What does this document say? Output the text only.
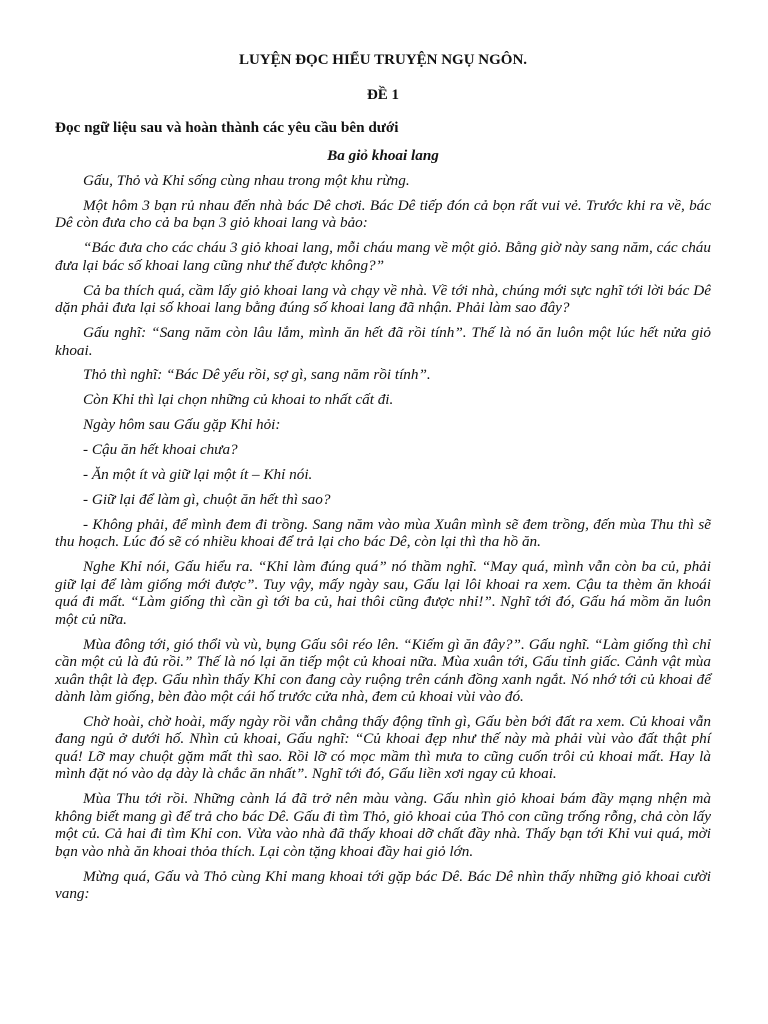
LUYỆN ĐỌC HIỂU TRUYỆN NGỤ NGÔN.
ĐỀ 1
Đọc ngữ liệu sau và hoàn thành các yêu cầu bên dưới
Ba giỏ khoai lang

Gấu, Thỏ và Khỉ sống cùng nhau trong một khu rừng.

Một hôm 3 bạn rủ nhau đến nhà bác Dê chơi. Bác Dê tiếp đón cả bọn rất vui vẻ. Trước khi ra về, bác Dê còn đưa cho cả ba bạn 3 giỏ khoai lang và bảo:

“Bác đưa cho các cháu 3 giỏ khoai lang, mỗi cháu mang về một giỏ. Bằng giờ này sang năm, các cháu đưa lại bác số khoai lang cũng như thế được không?”

Cả ba thích quá, cầm lấy giỏ khoai lang và chạy về nhà. Về tới nhà, chúng mới sực nghĩ tới lời bác Dê dặn phải đưa lại số khoai lang bằng đúng số khoai lang đã nhận. Phải làm sao đây?

Gấu nghĩ: “Sang năm còn lâu lắm, mình ăn hết đã rồi tính”. Thế là nó ăn luôn một lúc hết nửa giỏ khoai.

Thỏ thì nghĩ: “Bác Dê yếu rồi, sợ gì, sang năm rồi tính”.

Còn Khỉ thì lại chọn những củ khoai to nhất cất đi.

Ngày hôm sau Gấu gặp Khỉ hỏi:

- Cậu ăn hết khoai chưa?

- Ăn một ít và giữ lại một ít – Khỉ nói.

- Giữ lại để làm gì, chuột ăn hết thì sao?

- Không phải, để mình đem đi trồng. Sang năm vào mùa Xuân mình sẽ đem trồng, đến mùa Thu thì sẽ thu hoạch. Lúc đó sẽ có nhiều khoai để trả lại cho bác Dê, còn lại thì tha hồ ăn.

Nghe Khỉ nói, Gấu hiểu ra. “Khỉ làm đúng quá” nó thầm nghĩ. “May quá, mình vẫn còn ba củ, phải giữ lại để làm giống mới được”. Tuy vậy, mấy ngày sau, Gấu lại lôi khoai ra xem. Cậu ta thèm ăn khoái quá đi mất. “Làm giống thì cần gì tới ba củ, hai thôi cũng được nhỉ!”. Nghĩ tới đó, Gấu há mồm ăn luôn một củ nữa.

Mùa đông tới, gió thổi vù vù, bụng Gấu sôi réo lên. “Kiếm gì ăn đây?”. Gấu nghĩ. “Làm giống thì chỉ cần một củ là đủ rồi.” Thế là nó lại ăn tiếp một củ khoai nữa. Mùa xuân tới, Gấu tỉnh giấc. Cảnh vật mùa xuân thật là đẹp. Gấu nhìn thấy Khỉ con đang cày ruộng trên cánh đồng xanh ngắt. Nó nhớ tới củ khoai để dành làm giống, bèn đào một cái hố trước cửa nhà, đem củ khoai vùi vào đó.

Chờ hoài, chờ hoài, mấy ngày rồi vẫn chẳng thấy động tĩnh gì, Gấu bèn bới đất ra xem. Củ khoai vẫn đang ngủ ở dưới hố. Nhìn củ khoai, Gấu nghĩ: “Củ khoai đẹp như thế này mà phải vùi vào đất thật phí quá! Lỡ may chuột gặm mất thì sao. Rồi lỡ có mọc mầm thì mưa to cũng cuốn trôi củ khoai mất. Hay là mình đặt nó vào dạ dày là chắc ăn nhất”. Nghĩ tới đó, Gấu liền xơi ngay củ khoai.

Mùa Thu tới rồi. Những cành lá đã trở nên màu vàng. Gấu nhìn giỏ khoai bám đầy mạng nhện mà không biết mang gì để trả cho bác Dê. Gấu đi tìm Thỏ, giỏ khoai của Thỏ con cũng trống rỗng, chả còn lấy một củ. Cả hai đi tìm Khỉ con. Vừa vào nhà đã thấy khoai dỡ chất đầy nhà. Thấy bạn tới Khỉ vui quá, mời bạn vào nhà ăn khoai thỏa thích. Lại còn tặng khoai đầy hai giỏ lớn.

Mừng quá, Gấu và Thỏ cùng Khỉ mang khoai tới gặp bác Dê. Bác Dê nhìn thấy những giỏ khoai cười vang:
